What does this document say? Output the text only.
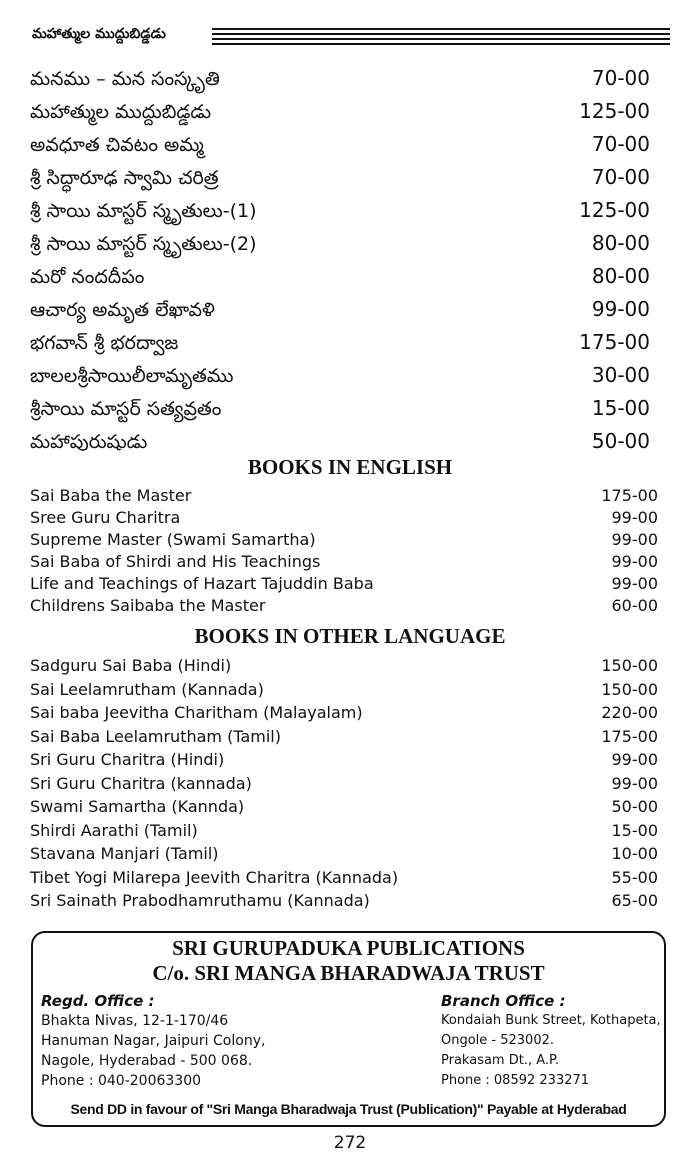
మహాత్ముల ముద్దుబిడ్డడు
మనము – మన సంస్కృతి	70-00
మహాత్ముల ముద్దుబిడ్డడు	125-00
అవధూత చివటం అమ్మ	70-00
శ్రీ సిద్ధారూఢ స్వామి చరిత్ర	70-00
శ్రీ సాయి మాస్టర్ స్మృతులు-(1)	125-00
శ్రీ సాయి మాస్టర్ స్మృతులు-(2)	80-00
మరో నందదీపం	80-00
ఆచార్య అమృత లేఖావళి	99-00
భగవాన్ శ్రీ భరద్వాజ	175-00
బాలలశ్రీసాయిలీలామృతము	30-00
శ్రీసాయి మాస్టర్ సత్యవ్రతం	15-00
మహాపురుషుడు	50-00
BOOKS IN ENGLISH
Sai Baba the Master	175-00
Sree Guru Charitra	99-00
Supreme Master (Swami Samartha)	99-00
Sai Baba of Shirdi and His Teachings	99-00
Life and Teachings of Hazart Tajuddin Baba	99-00
Childrens Saibaba the Master	60-00
BOOKS IN OTHER LANGUAGE
Sadguru Sai Baba (Hindi)	150-00
Sai Leelamrutham (Kannada)	150-00
Sai baba Jeevitha Charitham (Malayalam)	220-00
Sai Baba Leelamrutham (Tamil)	175-00
Sri Guru Charitra (Hindi)	99-00
Sri Guru Charitra (kannada)	99-00
Swami Samartha (Kannda)	50-00
Shirdi Aarathi (Tamil)	15-00
Stavana Manjari (Tamil)	10-00
Tibet Yogi Milarepa Jeevith Charitra (Kannada)	55-00
Sri Sainath Prabodhamruthamu (Kannada)	65-00
SRI GURUPADUKA PUBLICATIONS
C/o. SRI MANGA BHARADWAJA TRUST
Regd. Office :
Bhakta Nivas, 12-1-170/46
Hanuman Nagar, Jaipuri Colony,
Nagole, Hyderabad - 500 068.
Phone : 040-20063300
Branch Office :
Kondaiah Bunk Street, Kothapeta,
Ongole - 523002.
Prakasam Dt., A.P.
Phone : 08592 233271
Send DD in favour of "Sri Manga Bharadwaja Trust (Publication)" Payable at Hyderabad
272
